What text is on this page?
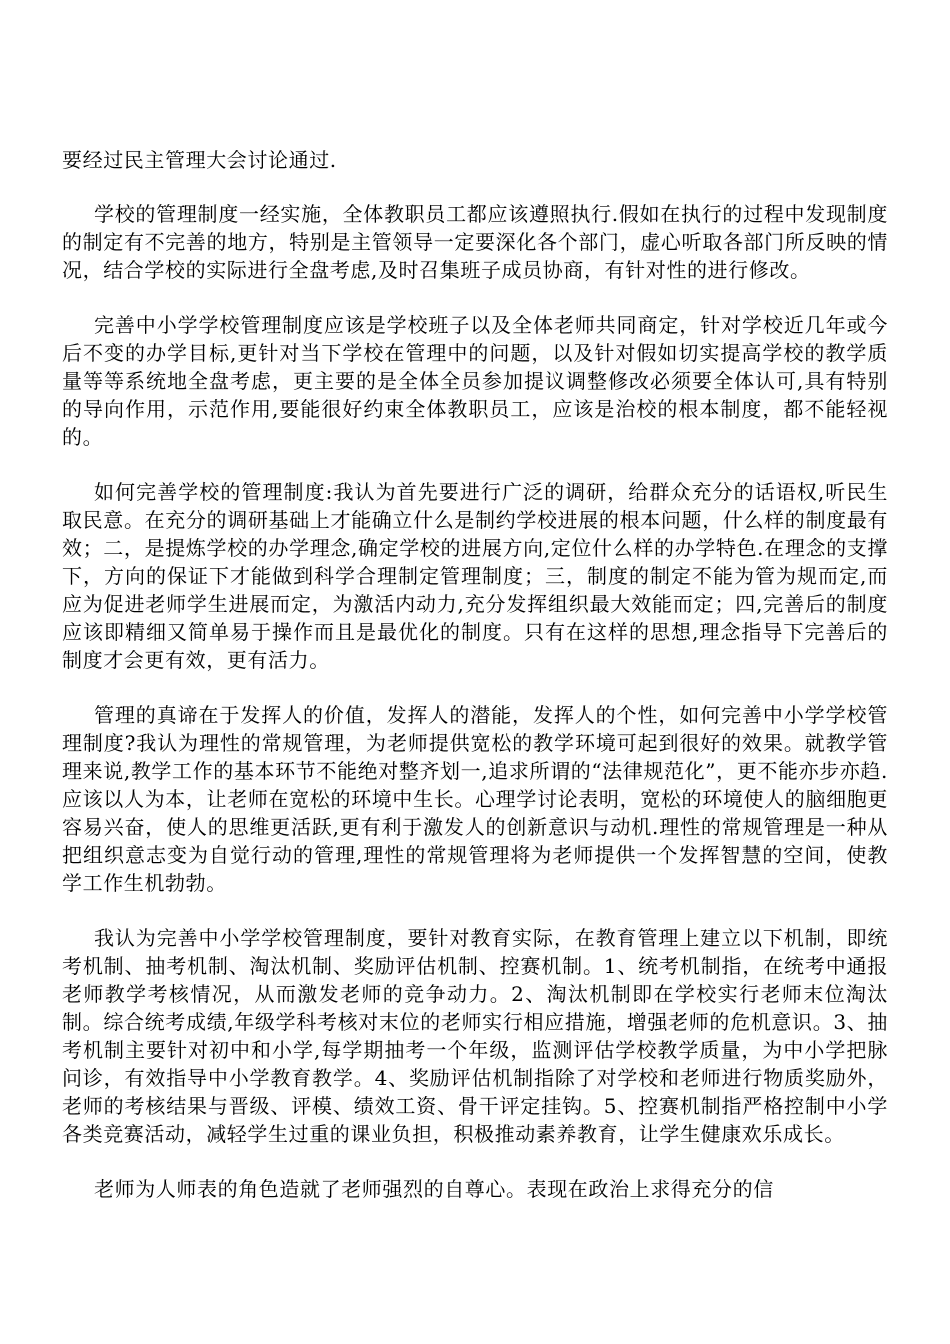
要经过民主管理大会讨论通过.

学校的管理制度一经实施，全体教职员工都应该遵照执行.假如在执行的过程中发现制度的制定有不完善的地方，特别是主管领导一定要深化各个部门，虚心听取各部门所反映的情况，结合学校的实际进行全盘考虑,及时召集班子成员协商，有针对性的进行修改。

完善中小学学校管理制度应该是学校班子以及全体老师共同商定，针对学校近几年或今后不变的办学目标,更针对当下学校在管理中的问题，以及针对假如切实提高学校的教学质量等等系统地全盘考虑，更主要的是全体全员参加提议调整修改必须要全体认可,具有特别的导向作用，示范作用,要能很好约束全体教职员工，应该是治校的根本制度，都不能轻视的。

如何完善学校的管理制度:我认为首先要进行广泛的调研，给群众充分的话语权,听民生取民意。在充分的调研基础上才能确立什么是制约学校进展的根本问题，什么样的制度最有效；二，是提炼学校的办学理念,确定学校的进展方向,定位什么样的办学特色.在理念的支撑下，方向的保证下才能做到科学合理制定管理制度；三，制度的制定不能为管为规而定,而应为促进老师学生进展而定，为激活内动力,充分发挥组织最大效能而定；四,完善后的制度应该即精细又简单易于操作而且是最优化的制度。只有在这样的思想,理念指导下完善后的制度才会更有效，更有活力。

管理的真谛在于发挥人的价值，发挥人的潜能，发挥人的个性，如何完善中小学学校管理制度?我认为理性的常规管理，为老师提供宽松的教学环境可起到很好的效果。就教学管理来说,教学工作的基本环节不能绝对整齐划一,追求所谓的“法律规范化”，更不能亦步亦趋.应该以人为本，让老师在宽松的环境中生长。心理学讨论表明，宽松的环境使人的脑细胞更容易兴奋，使人的思维更活跃,更有利于激发人的创新意识与动机.理性的常规管理是一种从把组织意志变为自觉行动的管理,理性的常规管理将为老师提供一个发挥智慧的空间，使教学工作生机勃勃。

我认为完善中小学学校管理制度，要针对教育实际，在教育管理上建立以下机制，即统考机制、抽考机制、淘汰机制、奖励评估机制、控赛机制。1、统考机制指，在统考中通报老师教学考核情况，从而激发老师的竞争动力。2、淘汰机制即在学校实行老师末位淘汰制。综合统考成绩,年级学科考核对末位的老师实行相应措施，增强老师的危机意识。3、抽考机制主要针对初中和小学,每学期抽考一个年级，监测评估学校教学质量，为中小学把脉问诊，有效指导中小学教育教学。4、奖励评估机制指除了对学校和老师进行物质奖励外，老师的考核结果与晋级、评模、绩效工资、骨干评定挂钩。5、控赛机制指严格控制中小学各类竞赛活动，减轻学生过重的课业负担，积极推动素养教育，让学生健康欢乐成长。

老师为人师表的角色造就了老师强烈的自尊心。表现在政治上求得充分的信
